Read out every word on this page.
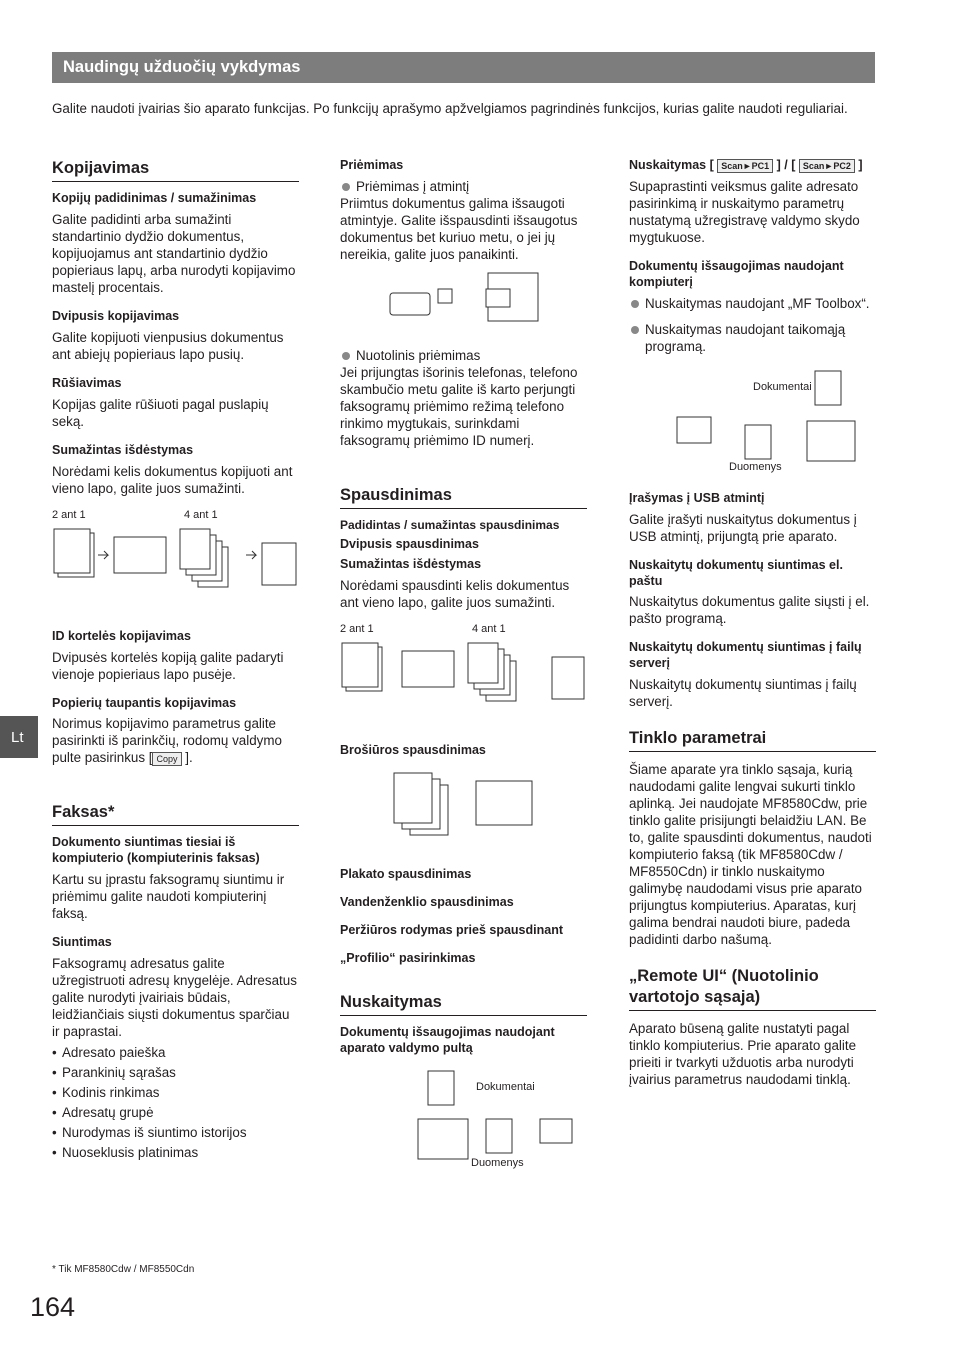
Naudingų užduočių vykdymas

Galite naudoti įvairias šio aparato funkcijas. Po funkcijų aprašymo apžvelgiamos pagrindinės funkcijos, kurias galite naudoti reguliariai.

Lt
Kopijavimas
Kopijų padidinimas / sumažinimas

Galite padidinti arba sumažinti standartinio dydžio dokumentus, kopijuojamus ant standartinio dydžio popieriaus lapų, arba nurodyti kopijavimo mastelį procentais.

Dvipusis kopijavimas

Galite kopijuoti vienpusius dokumentus ant abiejų popieriaus lapo pusių.

Rūšiavimas

Kopijas galite rūšiuoti pagal puslapių seką.

Sumažintas išdėstymas

Norėdami kelis dokumentus kopijuoti ant vieno lapo, galite juos sumažinti.

2 ant 1	4 ant 1
ID kortelės kopijavimas

Dvipusės kortelės kopiją galite padaryti vienoje popieriaus lapo pusėje.

Popierių taupantis kopijavimas

Norimus kopijavimo parametrus galite pasirinkti iš parinkčių, rodomų valdymo pulte pasirinkus [ Copy ].

Faksas*
Dokumento siuntimas tiesiai iš kompiuterio (kompiuterinis faksas)

Kartu su įprastu faksogramų siuntimu ir priėmimu galite naudoti kompiuterinį faksą.

Siuntimas

Faksogramų adresatus galite užregistruoti adresų knygelėje. Adresatus galite nurodyti įvairiais būdais, leidžiančiais siųsti dokumentus sparčiau ir paprastai.

• Adresato paieška
• Parankinių sąrašas
• Kodinis rinkimas
• Adresatų grupė
• Nurodymas iš siuntimo istorijos
• Nuoseklusis platinimas
Priėmimas
Priėmimas į atmintį

Priimtus dokumentus galima išsaugoti atmintyje. Galite išspausdinti išsaugotus dokumentus bet kuriuo metu, o jei jų nereikia, galite juos panaikinti.

Nuotolinis priėmimas

Jei prijungtas išorinis telefonas, telefono skambučio metu galite iš karto perjungti faksogramų priėmimo režimą telefono rinkimo mygtukais, surinkdami faksogramų priėmimo ID numerį.

Spausdinimas
Padidintas / sumažintas spausdinimas
Dvipusis spausdinimas
Sumažintas išdėstymas

Norėdami spausdinti kelis dokumentus ant vieno lapo, galite juos sumažinti.

2 ant 1	4 ant 1
Brošiūros spausdinimas
Plakato spausdinimas
Vandenženklio spausdinimas
Peržiūros rodymas prieš spausdinant
„Profilio“ pasirinkimas
Nuskaitymas
Dokumentų išsaugojimas naudojant aparato valdymo pultą
Dokumentai
Duomenys
Nuskaitymas [ Scan►PC1 ] / [ Scan►PC2 ]

Supaprastinti veiksmus galite adresato pasirinkimą ir nuskaitymo parametrų nustatymą užregistravę valdymo skydo mygtukuose.

Dokumentų išsaugojimas naudojant kompiuterį
Nuskaitymas naudojant „MF Toolbox“.
Nuskaitymas naudojant taikomąją programą.
Dokumentai
Duomenys
Įrašymas į USB atmintį

Galite įrašyti nuskaitytus dokumentus į USB atmintį, prijungtą prie aparato.

Nuskaitytų dokumentų siuntimas el. paštu

Nuskaitytus dokumentus galite siųsti į el. pašto programą.

Nuskaitytų dokumentų siuntimas į failų serverį

Nuskaitytų dokumentų siuntimas į failų serverį.

Tinklo parametrai

Šiame aparate yra tinklo sąsaja, kurią naudodami galite lengvai sukurti tinklo aplinką. Jei naudojate MF8580Cdw, prie tinklo galite prisijungti belaidžiu LAN. Be to, galite spausdinti dokumentus, naudoti kompiuterio faksą (tik MF8580Cdw / MF8550Cdn) ir tinklo nuskaitymo galimybę naudodami visus prie aparato prijungtus kompiuterius. Aparatas, kurį galima bendrai naudoti biure, padeda padidinti darbo našumą.

„Remote UI“ (Nuotolinio vartotojo sąsaja)

Aparato būseną galite nustatyti pagal tinklo kompiuterius. Prie aparato galite prieiti ir tvarkyti užduotis arba nurodyti įvairius parametrus naudodami tinklą.

* Tik MF8580Cdw / MF8550Cdn
164
